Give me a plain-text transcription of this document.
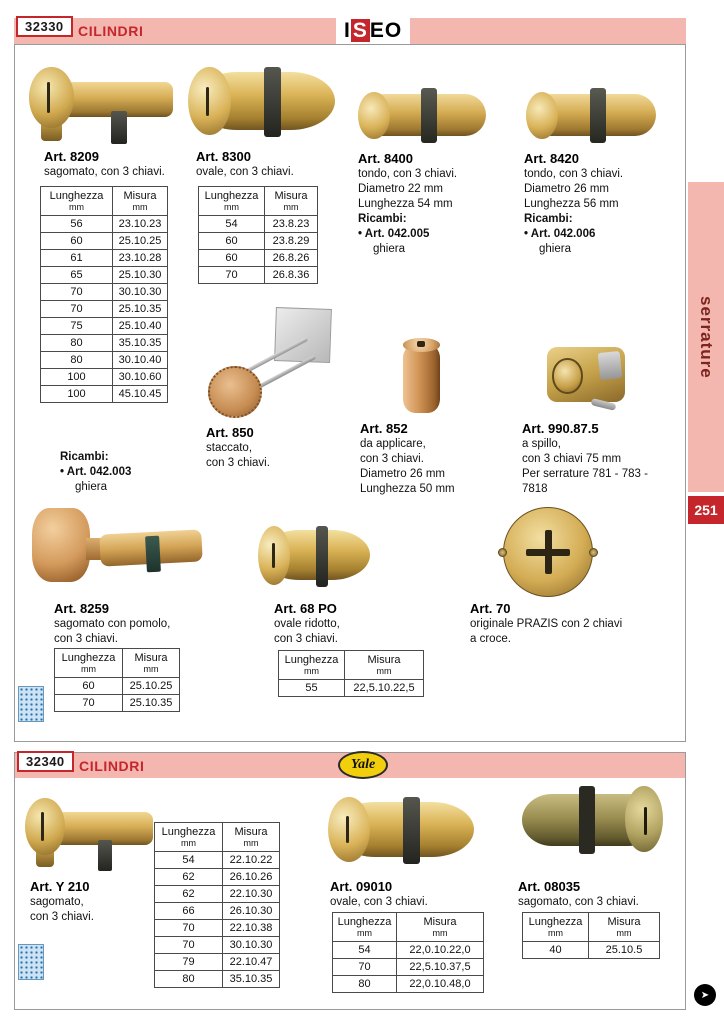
32330	CILINDRI	ISEO
serrature
251
➤
Art. 8209
sagomato, con 3 chiavi.
Lunghezza
mm	Misura
mm

56	23.10.23
60	25.10.25
61	23.10.28
65	25.10.30
70	30.10.30
70	25.10.35
75	25.10.40
80	35.10.35
80	30.10.40
100	30.10.60
100	45.10.45
Ricambi:
• Art. 042.003
ghiera
Art. 8300
ovale, con 3 chiavi.
Lunghezza
mm	Misura
mm

54	23.8.23
60	23.8.29
60	26.8.26
70	26.8.36
Art. 8400
tondo, con 3 chiavi.
Diametro 22 mm
Lunghezza 54 mm
Ricambi:
• Art. 042.005
ghiera
Art. 8420
tondo, con 3 chiavi.
Diametro 26 mm
Lunghezza 56 mm
Ricambi:
• Art. 042.006
ghiera
Art. 850
staccato,
con 3 chiavi.
Art. 852
da applicare,
con 3 chiavi.
Diametro 26 mm
Lunghezza 50 mm
Art. 990.87.5
a spillo,
con 3 chiavi 75 mm
Per serrature 781 - 783 -
7818
Art. 8259
sagomato con pomolo,
con 3 chiavi.
Lunghezza
mm	Misura
mm

60	25.10.25
70	25.10.35
Art. 68 PO
ovale ridotto,
con 3 chiavi.
Lunghezza
mm	Misura
mm

55	22,5.10.22,5
Art. 70
originale PRAZIS con 2 chiavi
a croce.
32340	CILINDRI	Yale
Art. Y 210
sagomato,
con 3 chiavi.
Lunghezza
mm	Misura
mm

54	22.10.22
62	26.10.26
62	22.10.30
66	26.10.30
70	22.10.38
70	30.10.30
79	22.10.47
80	35.10.35
Art. 09010
ovale, con 3 chiavi.
Lunghezza
mm	Misura
mm

54	22,0.10.22,0
70	22,5.10.37,5
80	22,0.10.48,0
Art. 08035
sagomato, con 3 chiavi.
Lunghezza
mm	Misura
mm

40	25.10.5
